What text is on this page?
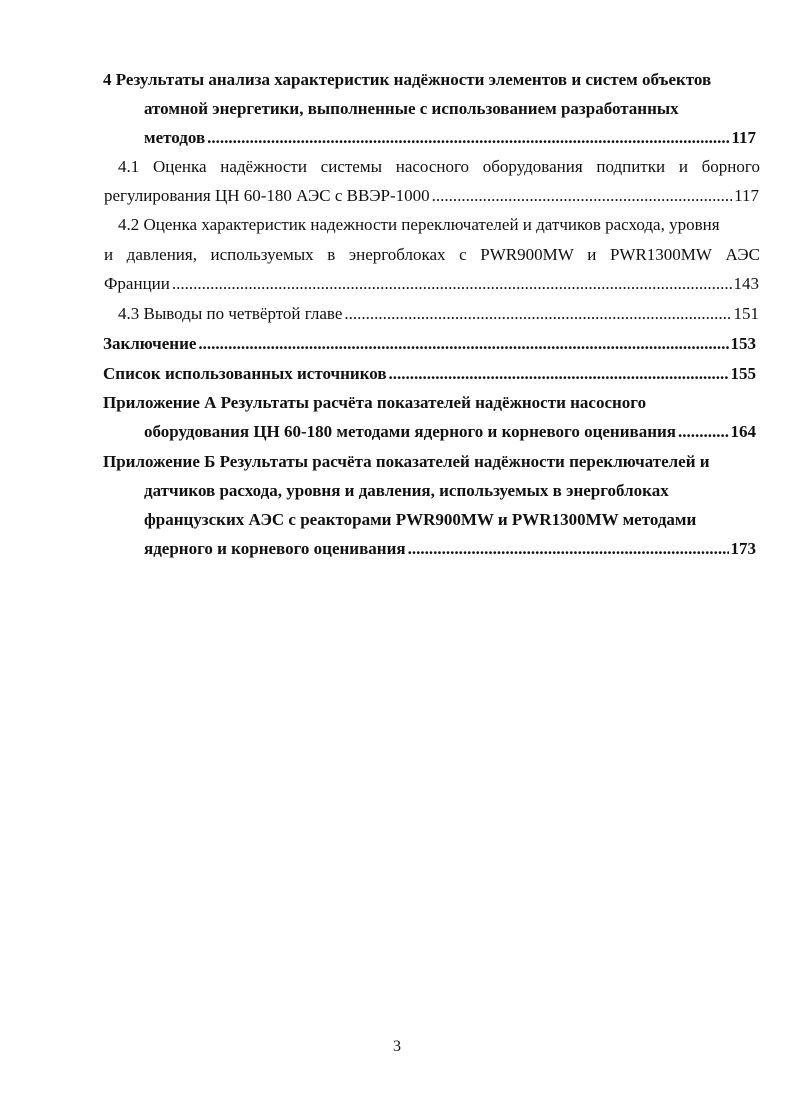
4 Результаты анализа характеристик надёжности элементов и систем объектов
атомной энергетики, выполненные с использованием разработанных
методов .....	117
4.1 Оценка надёжности системы насосного оборудования подпитки и борного
регулирования ЦН 60-180 АЭС с ВВЭР-1000 .....	117
4.2 Оценка характеристик надежности переключателей и датчиков расхода, уровня
и давления, используемых в энергоблоках с PWR900MW и PWR1300MW АЭС
Франции .....	143
4.3 Выводы по четвёртой главе .....	151
Заключение .....	153
Список использованных источников .....	155
Приложение А Результаты расчёта показателей надёжности насосного
оборудования ЦН 60-180 методами ядерного и корневого оценивания .....	164
Приложение Б Результаты расчёта показателей надёжности переключателей и
датчиков расхода, уровня и давления, используемых в энергоблоках
французских АЭС с реакторами PWR900MW и PWR1300MW методами
ядерного и корневого оценивания .....	173
3
